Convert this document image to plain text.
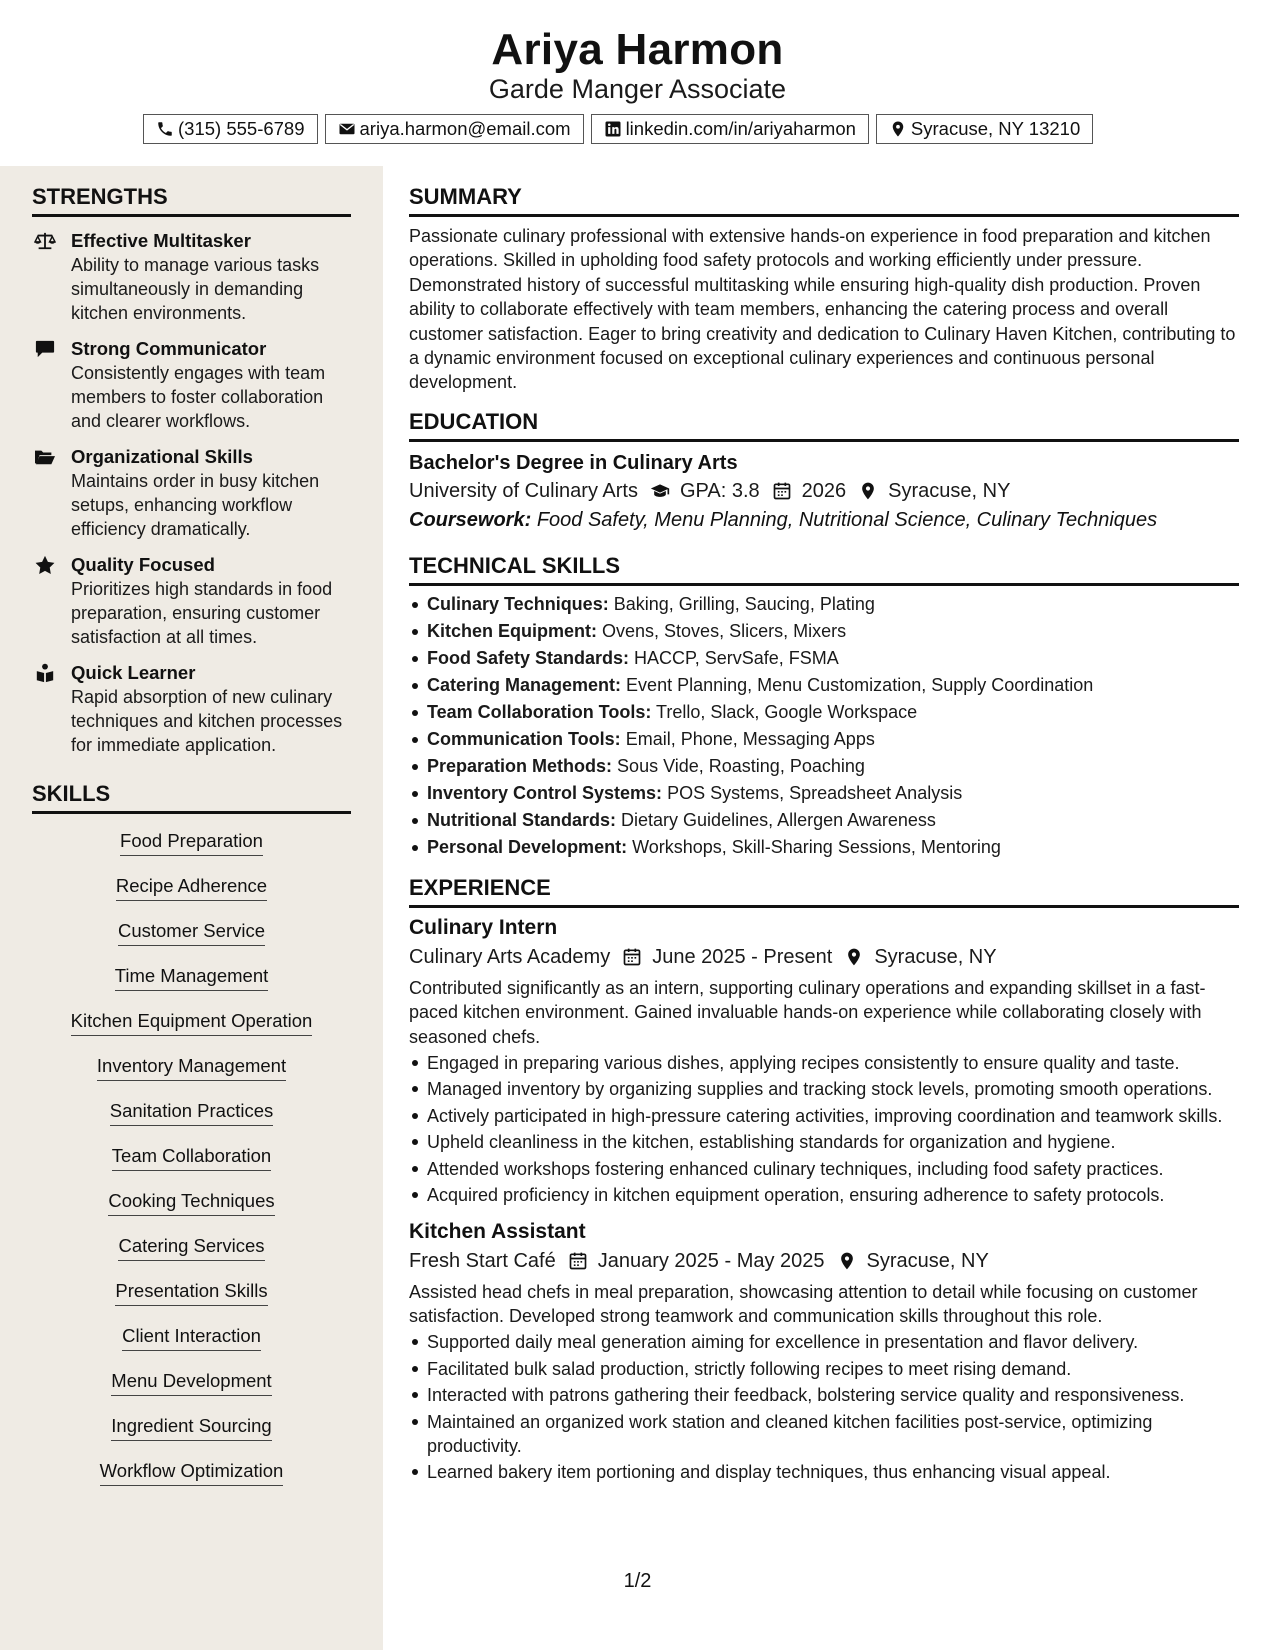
Ariya Harmon
Garde Manger Associate
(315) 555-6789	ariya.harmon@email.com	linkedin.com/in/ariyaharmon	Syracuse, NY 13210
STRENGTHS
Effective Multitasker
Ability to manage various tasks simultaneously in demanding kitchen environments.
Strong Communicator
Consistently engages with team members to foster collaboration and clearer workflows.
Organizational Skills
Maintains order in busy kitchen setups, enhancing workflow efficiency dramatically.
Quality Focused
Prioritizes high standards in food preparation, ensuring customer satisfaction at all times.
Quick Learner
Rapid absorption of new culinary techniques and kitchen processes for immediate application.
SKILLS
Food Preparation
Recipe Adherence
Customer Service
Time Management
Kitchen Equipment Operation
Inventory Management
Sanitation Practices
Team Collaboration
Cooking Techniques
Catering Services
Presentation Skills
Client Interaction
Menu Development
Ingredient Sourcing
Workflow Optimization
SUMMARY
Passionate culinary professional with extensive hands-on experience in food preparation and kitchen operations. Skilled in upholding food safety protocols and working efficiently under pressure. Demonstrated history of successful multitasking while ensuring high-quality dish production. Proven ability to collaborate effectively with team members, enhancing the catering process and overall customer satisfaction. Eager to bring creativity and dedication to Culinary Haven Kitchen, contributing to a dynamic environment focused on exceptional culinary experiences and continuous personal development.
EDUCATION
Bachelor's Degree in Culinary Arts
University of Culinary Arts GPA: 3.8 2026 Syracuse, NY
Coursework: Food Safety, Menu Planning, Nutritional Science, Culinary Techniques
TECHNICAL SKILLS
Culinary Techniques: Baking, Grilling, Saucing, Plating
Kitchen Equipment: Ovens, Stoves, Slicers, Mixers
Food Safety Standards: HACCP, ServSafe, FSMA
Catering Management: Event Planning, Menu Customization, Supply Coordination
Team Collaboration Tools: Trello, Slack, Google Workspace
Communication Tools: Email, Phone, Messaging Apps
Preparation Methods: Sous Vide, Roasting, Poaching
Inventory Control Systems: POS Systems, Spreadsheet Analysis
Nutritional Standards: Dietary Guidelines, Allergen Awareness
Personal Development: Workshops, Skill-Sharing Sessions, Mentoring
EXPERIENCE
Culinary Intern
Culinary Arts Academy June 2025 - Present Syracuse, NY
Contributed significantly as an intern, supporting culinary operations and expanding skillset in a fast-paced kitchen environment. Gained invaluable hands-on experience while collaborating closely with seasoned chefs.
Engaged in preparing various dishes, applying recipes consistently to ensure quality and taste.
Managed inventory by organizing supplies and tracking stock levels, promoting smooth operations.
Actively participated in high-pressure catering activities, improving coordination and teamwork skills.
Upheld cleanliness in the kitchen, establishing standards for organization and hygiene.
Attended workshops fostering enhanced culinary techniques, including food safety practices.
Acquired proficiency in kitchen equipment operation, ensuring adherence to safety protocols.
Kitchen Assistant
Fresh Start Café January 2025 - May 2025 Syracuse, NY
Assisted head chefs in meal preparation, showcasing attention to detail while focusing on customer satisfaction. Developed strong teamwork and communication skills throughout this role.
Supported daily meal generation aiming for excellence in presentation and flavor delivery.
Facilitated bulk salad production, strictly following recipes to meet rising demand.
Interacted with patrons gathering their feedback, bolstering service quality and responsiveness.
Maintained an organized work station and cleaned kitchen facilities post-service, optimizing productivity.
Learned bakery item portioning and display techniques, thus enhancing visual appeal.
1/2
